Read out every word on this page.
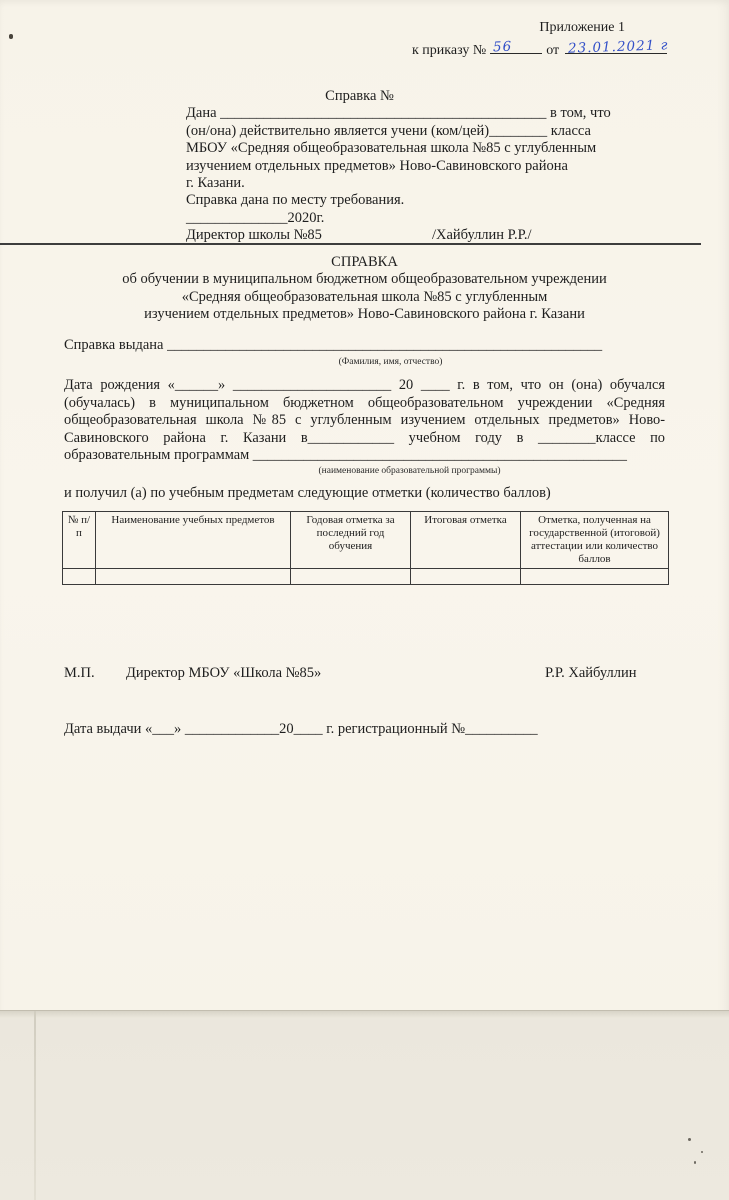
Приложение 1
к приказу № 56 от 23.01.2021 г
Справка №
Дана _____________________________________________ в том, что
(он/она) действительно является учени (ком/цей)________ класса
МБОУ «Средняя общеобразовательная школа №85 с углубленным
изучением отдельных предметов» Ново-Савиновского района
г. Казани.
Справка дана по месту требования.
______________2020г.
Директор школы №85	/Хайбуллин Р.Р./
СПРАВКА
об обучении в муниципальном бюджетном общеобразовательном учреждении
«Средняя общеобразовательная школа №85 с углубленным
изучением отдельных предметов» Ново-Савиновского района г. Казани
Справка выдана ____________________________________________________________
(Фамилия, имя, отчество)
Дата рождения «______» ______________________ 20 ____ г. в том, что он (она) обучался (обучалась) в муниципальном бюджетном общеобразовательном учреждении «Средняя общеобразовательная школа №85 с углубленным изучением отдельных предметов» Ново-Савиновского района г. Казани в____________ учебном году в ________классе по образовательным программам ____________________________________________________
(наименование образовательной программы)
и получил (а) по учебным предметам следующие отметки (количество баллов)
№ п/п	Наименование учебных предметов	Годовая отметка за последний год обучения	Итоговая отметка	Отметка, полученная на государственной (итоговой) аттестации или количество баллов

М.П. Директор МБОУ «Школа №85»	Р.Р. Хайбуллин
Дата выдачи «___» _____________20____ г. регистрационный №__________
